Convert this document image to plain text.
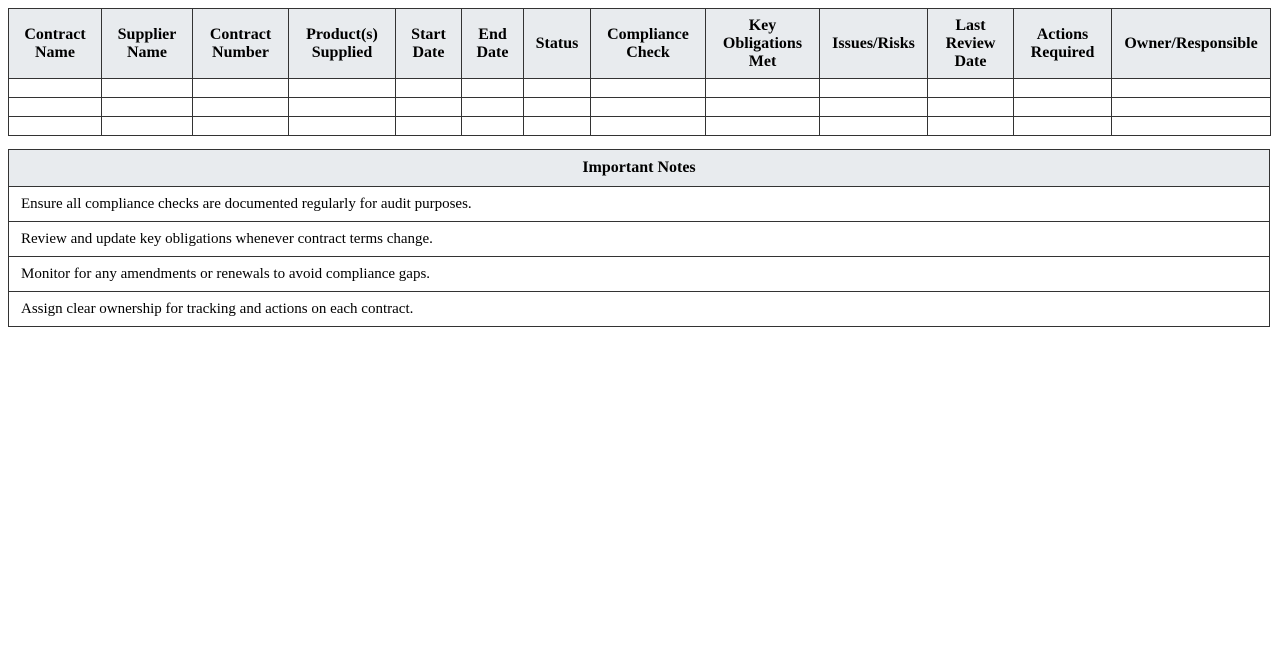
Contract Name	Supplier Name	Contract Number	Product(s) Supplied	Start Date	End Date	Status	Compliance Check	Key Obligations Met	Issues/Risks	Last Review Date	Actions Required	Owner/Responsible

Important Notes
Ensure all compliance checks are documented regularly for audit purposes.
Review and update key obligations whenever contract terms change.
Monitor for any amendments or renewals to avoid compliance gaps.
Assign clear ownership for tracking and actions on each contract.
